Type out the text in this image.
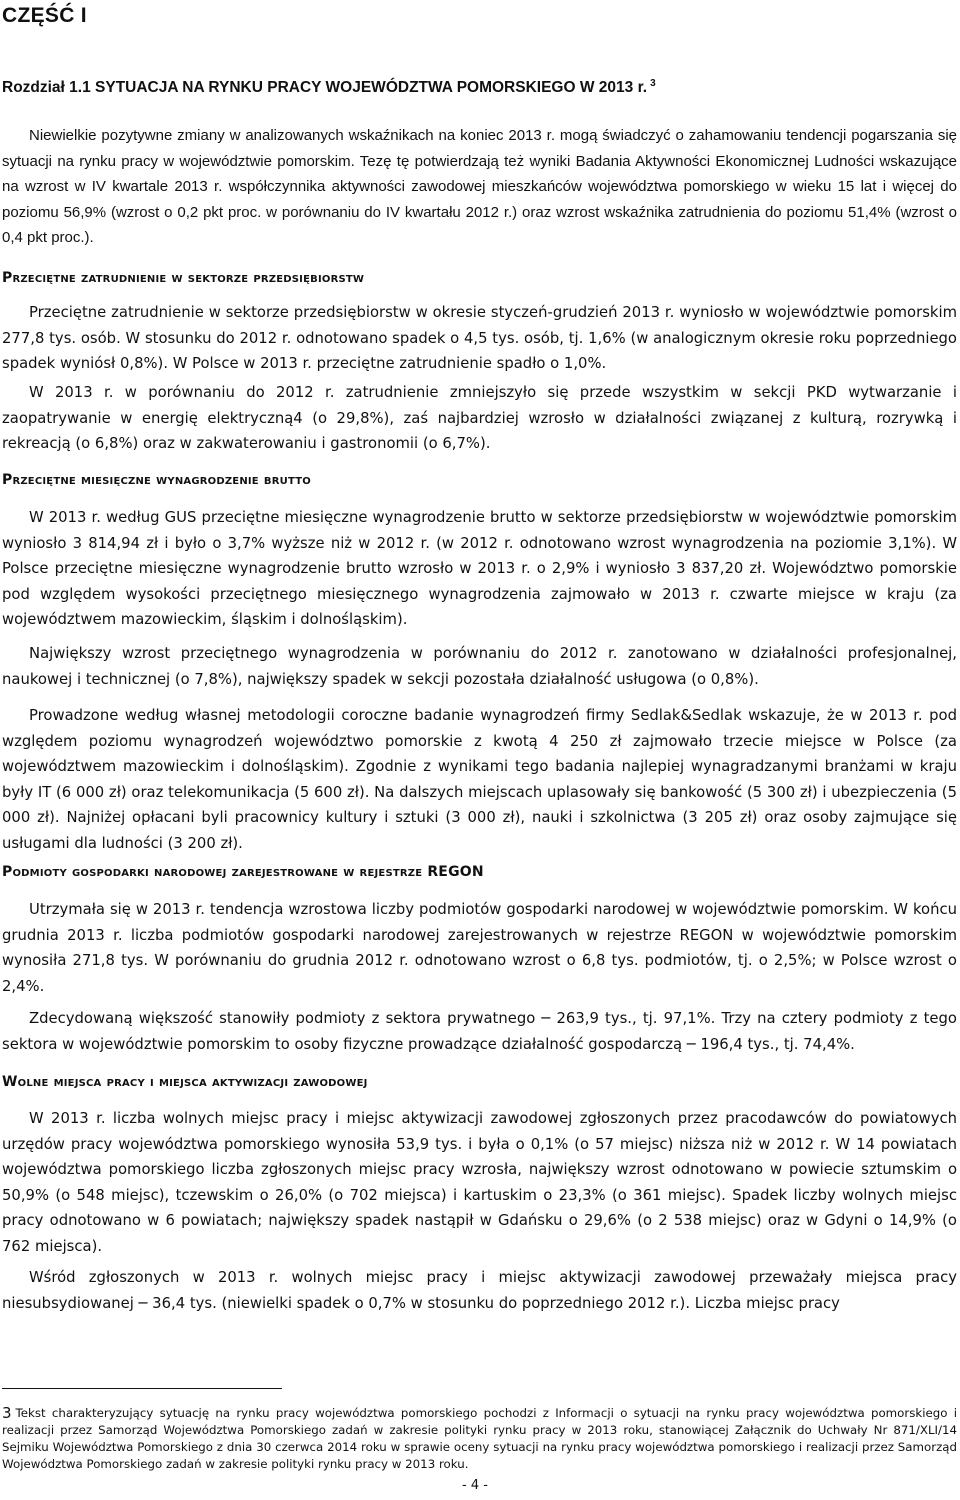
CZĘŚĆ I
Rozdział 1.1 SYTUACJA NA RYNKU PRACY WOJEWÓDZTWA POMORSKIEGO W 2013 r. $^3$

Niewielkie pozytywne zmiany w analizowanych wskaźnikach na koniec 2013 r. mogą świadczyć o zahamowaniu tendencji pogarszania się sytuacji na rynku pracy w województwie pomorskim. Tezę tę potwierdzają też wyniki Badania Aktywności Ekonomicznej Ludności wskazujące na wzrost w IV kwartale 2013 r. współczynnika aktywności zawodowej mieszkańców województwa pomorskiego w wieku 15 lat i więcej do poziomu 56,9% (wzrost o 0,2 pkt proc. w porównaniu do IV kwartału 2012 r.) oraz wzrost wskaźnika zatrudnienia do poziomu 51,4% (wzrost o 0,4 pkt proc.).

Przeciętne zatrudnienie w sektorze przedsiębiorstw

Przeciętne zatrudnienie w sektorze przedsiębiorstw w okresie styczeń-grudzień 2013 r. wyniosło w województwie pomorskim 277,8 tys. osób. W stosunku do 2012 r. odnotowano spadek o 4,5 tys. osób, tj. 1,6% (w analogicznym okresie roku poprzedniego spadek wyniósł 0,8%). W Polsce w 2013 r. przeciętne zatrudnienie spadło o 1,0%.

W 2013 r. w porównaniu do 2012 r. zatrudnienie zmniejszyło się przede wszystkim w sekcji PKD wytwarzanie i zaopatrywanie w energię elektryczną4 (o 29,8%), zaś najbardziej wzrosło w działalności związanej z kulturą, rozrywką i rekreacją (o 6,8%) oraz w zakwaterowaniu i gastronomii (o 6,7%).

Przeciętne miesięczne wynagrodzenie brutto

W 2013 r. według GUS przeciętne miesięczne wynagrodzenie brutto w sektorze przedsiębiorstw w województwie pomorskim wyniosło 3 814,94 zł i było o 3,7% wyższe niż w 2012 r. (w 2012 r. odnotowano wzrost wynagrodzenia na poziomie 3,1%). W Polsce przeciętne miesięczne wynagrodzenie brutto wzrosło w 2013 r. o 2,9% i wyniosło 3 837,20 zł. Województwo pomorskie pod względem wysokości przeciętnego miesięcznego wynagrodzenia zajmowało w 2013 r. czwarte miejsce w kraju (za województwem mazowieckim, śląskim i dolnośląskim).

Największy wzrost przeciętnego wynagrodzenia w porównaniu do 2012 r. zanotowano w działalności profesjonalnej, naukowej i technicznej (o 7,8%), największy spadek w sekcji pozostała działalność usługowa (o 0,8%).

Prowadzone według własnej metodologii coroczne badanie wynagrodzeń firmy Sedlak&Sedlak wskazuje, że w 2013 r. pod względem poziomu wynagrodzeń województwo pomorskie z kwotą 4 250 zł zajmowało trzecie miejsce w Polsce (za województwem mazowieckim i dolnośląskim). Zgodnie z wynikami tego badania najlepiej wynagradzanymi branżami w kraju były IT (6 000 zł) oraz telekomunikacja (5 600 zł). Na dalszych miejscach uplasowały się bankowość (5 300 zł) i ubezpieczenia (5 000 zł). Najniżej opłacani byli pracownicy kultury i sztuki (3 000 zł), nauki i szkolnictwa (3 205 zł) oraz osoby zajmujące się usługami dla ludności (3 200 zł).

Podmioty gospodarki narodowej zarejestrowane w rejestrze REGON

Utrzymała się w 2013 r. tendencja wzrostowa liczby podmiotów gospodarki narodowej w województwie pomorskim. W końcu grudnia 2013 r. liczba podmiotów gospodarki narodowej zarejestrowanych w rejestrze REGON w województwie pomorskim wynosiła 271,8 tys. W porównaniu do grudnia 2012 r. odnotowano wzrost o 6,8 tys. podmiotów, tj. o 2,5%; w Polsce wzrost o 2,4%.

Zdecydowaną większość stanowiły podmioty z sektora prywatnego ─ 263,9 tys., tj. 97,1%. Trzy na cztery podmioty z tego sektora w województwie pomorskim to osoby fizyczne prowadzące działalność gospodarczą ─ 196,4 tys., tj. 74,4%.

Wolne miejsca pracy i miejsca aktywizacji zawodowej

W 2013 r. liczba wolnych miejsc pracy i miejsc aktywizacji zawodowej zgłoszonych przez pracodawców do powiatowych urzędów pracy województwa pomorskiego wynosiła 53,9 tys. i była o 0,1% (o 57 miejsc) niższa niż w 2012 r. W 14 powiatach województwa pomorskiego liczba zgłoszonych miejsc pracy wzrosła, największy wzrost odnotowano w powiecie sztumskim o 50,9% (o 548 miejsc), tczewskim o 26,0% (o 702 miejsca) i kartuskim o 23,3% (o 361 miejsc). Spadek liczby wolnych miejsc pracy odnotowano w 6 powiatach; największy spadek nastąpił w Gdańsku o 29,6% (o 2 538 miejsc) oraz w Gdyni o 14,9% (o 762 miejsca).

Wśród zgłoszonych w 2013 r. wolnych miejsc pracy i miejsc aktywizacji zawodowej przeważały miejsca pracy niesubsydiowanej ─ 36,4 tys. (niewielki spadek o 0,7% w stosunku do poprzedniego 2012 r.). Liczba miejsc pracy

3 Tekst charakteryzujący sytuację na rynku pracy województwa pomorskiego pochodzi z Informacji o sytuacji na rynku pracy województwa pomorskiego i realizacji przez Samorząd Województwa Pomorskiego zadań w zakresie polityki rynku pracy w 2013 roku, stanowiącej Załącznik do Uchwały Nr 871/XLI/14 Sejmiku Województwa Pomorskiego z dnia 30 czerwca 2014 roku w sprawie oceny sytuacji na rynku pracy województwa pomorskiego i realizacji przez Samorząd Województwa Pomorskiego zadań w zakresie polityki rynku pracy w 2013 roku.

- 4 -
